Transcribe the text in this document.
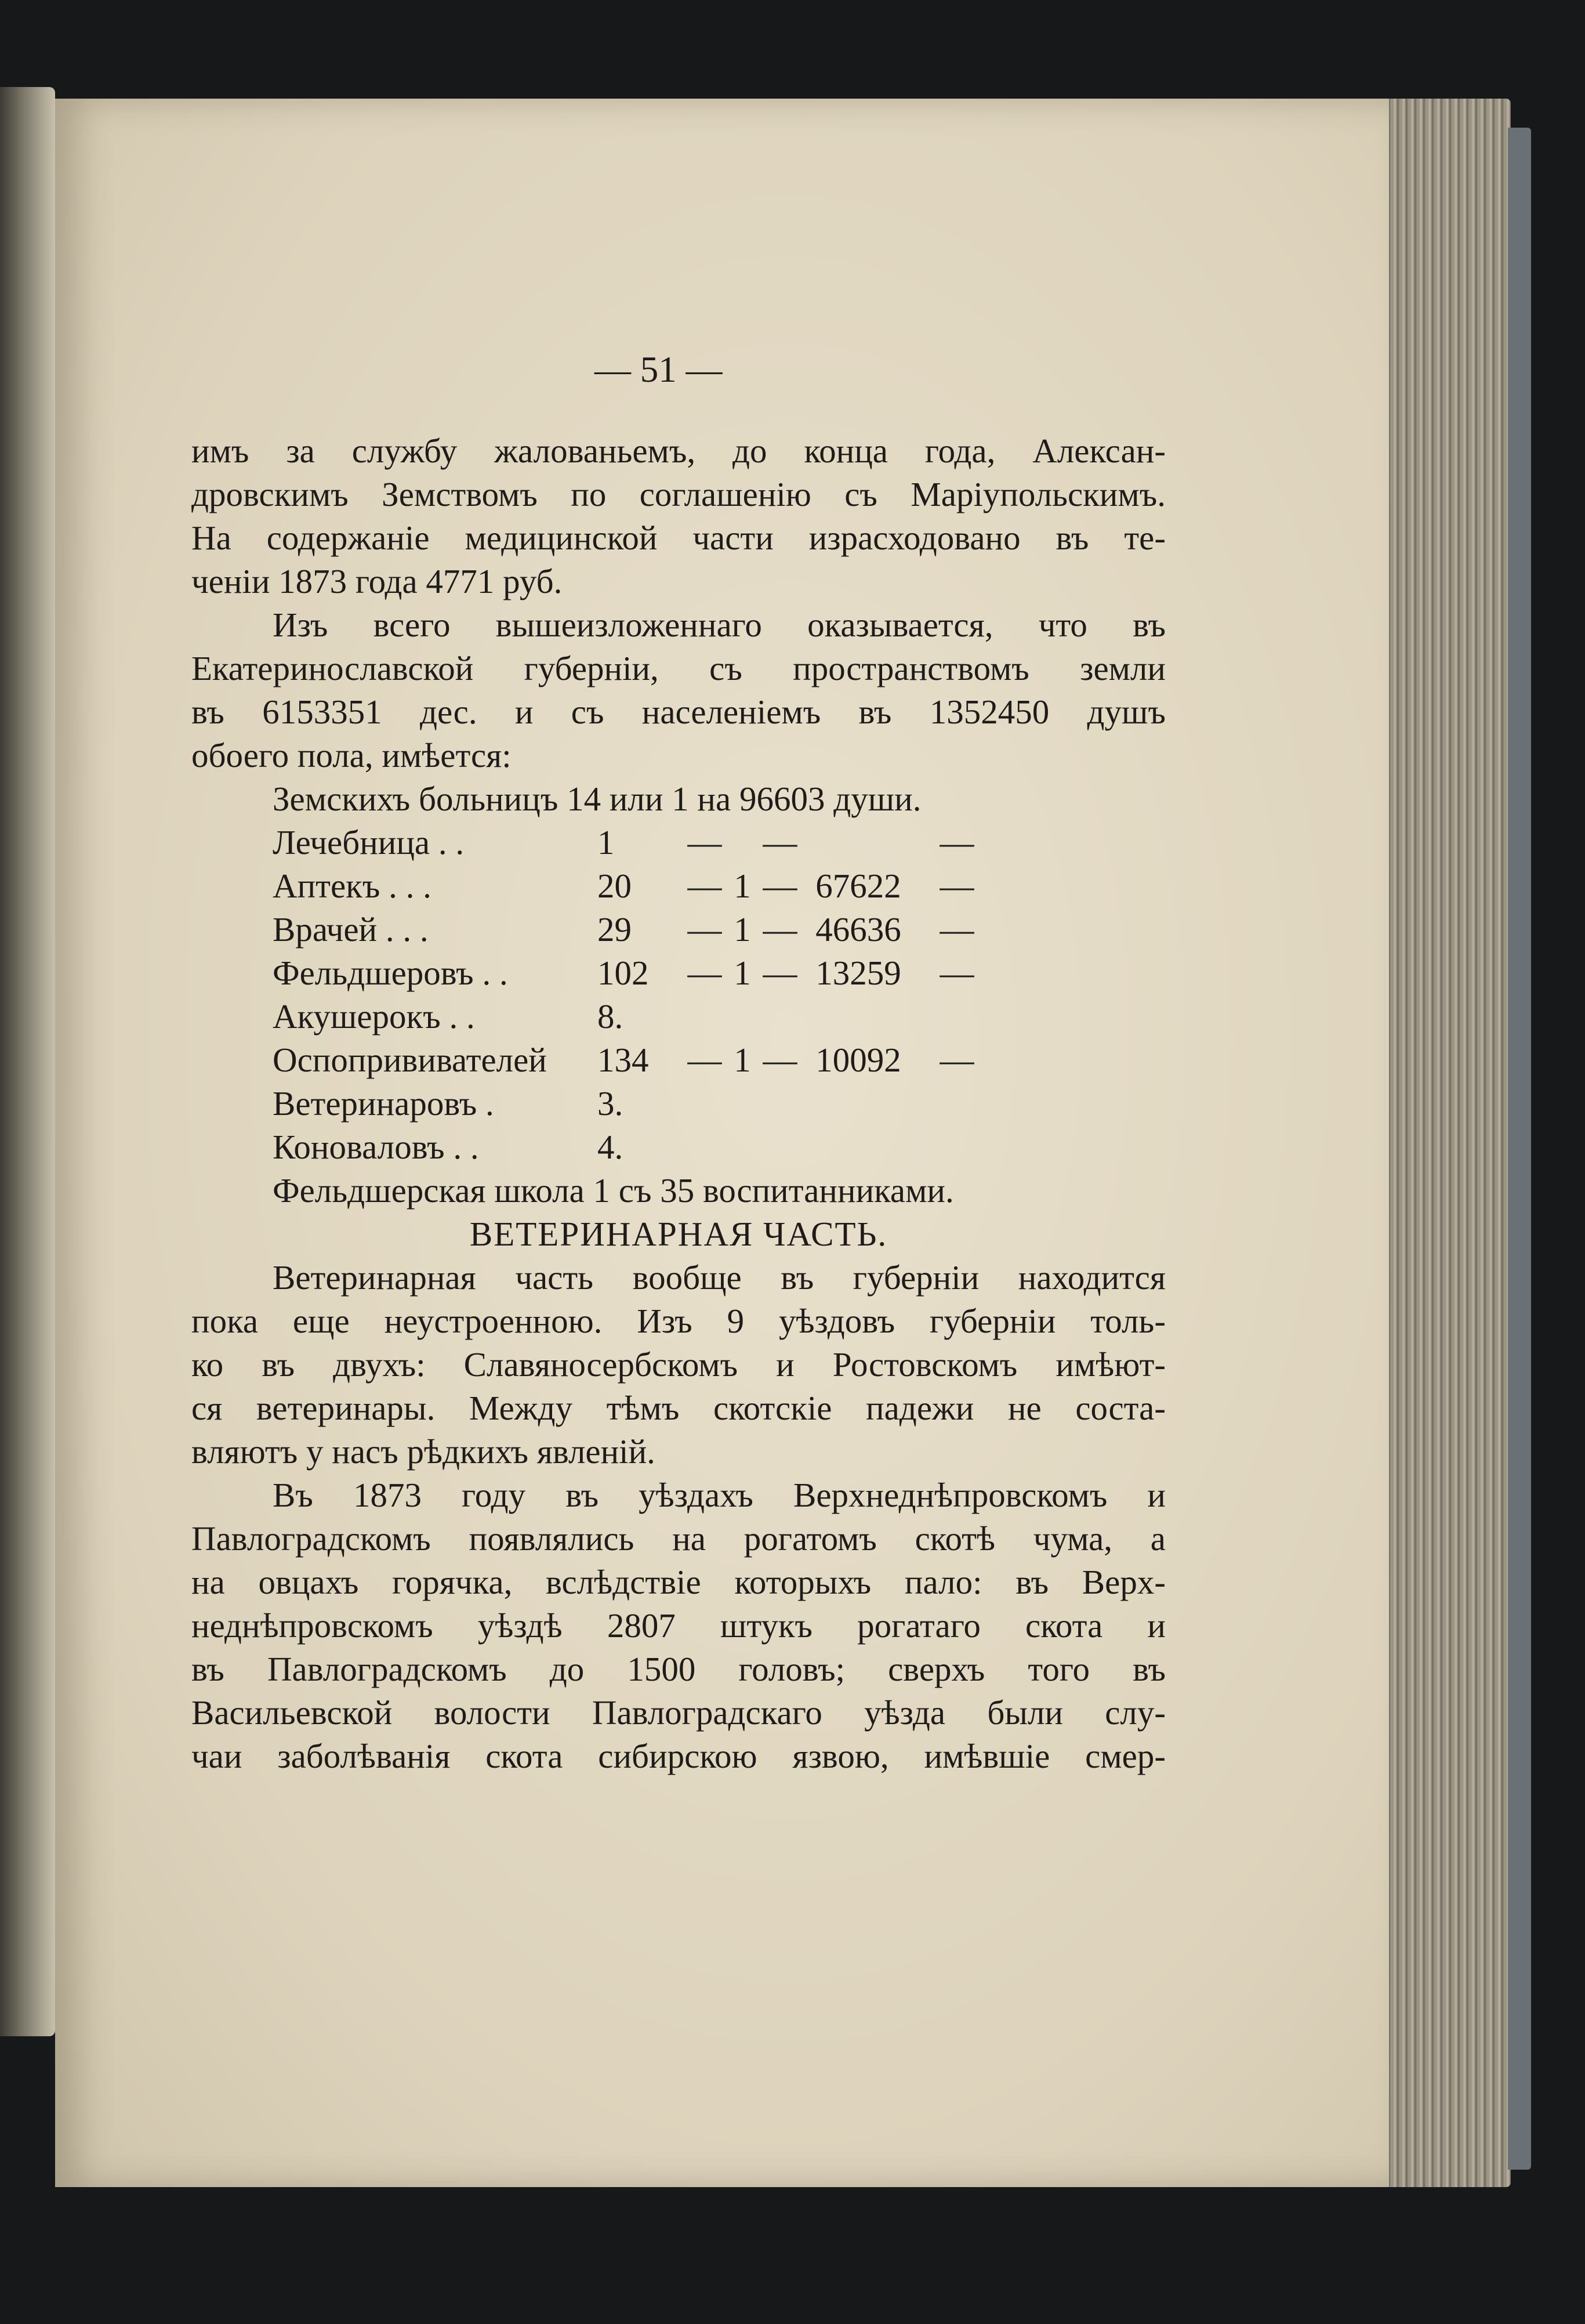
— 51 —
имъ за службу жалованьемъ, до конца года, Алексан-
дровскимъ Земствомъ по соглашенію съ Маріупольскимъ.
На содержаніе медицинской части израсходовано въ те-
ченіи 1873 года 4771 руб.
Изъ всего вышеизложеннаго оказывается, что въ
Екатеринославской губерніи, съ пространствомъ земли
въ 6153351 дес. и съ населеніемъ въ 1352450 душъ
обоего пола, имѣется:
Земскихъ больницъ 14 или 1 на 96603 души.
Лечебница . .	1	— —	—
Аптекъ . . .	20	— 1 — 67622	—
Врачей . . .	29	— 1 — 46636	—
Фельдшеровъ . .	102	— 1 — 13259	—
Акушерокъ . .	8.
Оспопрививателей	134	— 1 — 10092	—
Ветеринаровъ .	3.
Коноваловъ . .	4.
Фельдшерская школа 1 съ 35 воспитанниками.
ВЕТЕРИНАРНАЯ ЧАСТЬ.
Ветеринарная часть вообще въ губерніи находится
пока еще неустроенною. Изъ 9 уѣздовъ губерніи толь-
ко въ двухъ: Славяносербскомъ и Ростовскомъ имѣют-
ся ветеринары. Между тѣмъ скотскіе падежи не соста-
вляютъ у насъ рѣдкихъ явленій.
Въ 1873 году въ уѣздахъ Верхнеднѣпровскомъ и
Павлоградскомъ появлялись на рогатомъ скотѣ чума, а
на овцахъ горячка, вслѣдствіе которыхъ пало: въ Верх-
неднѣпровскомъ уѣздѣ 2807 штукъ рогатаго скота и
въ Павлоградскомъ до 1500 головъ; сверхъ того въ
Васильевской волости Павлоградскаго уѣзда были слу-
чаи заболѣванія скота сибирскою язвою, имѣвшіе смер-
